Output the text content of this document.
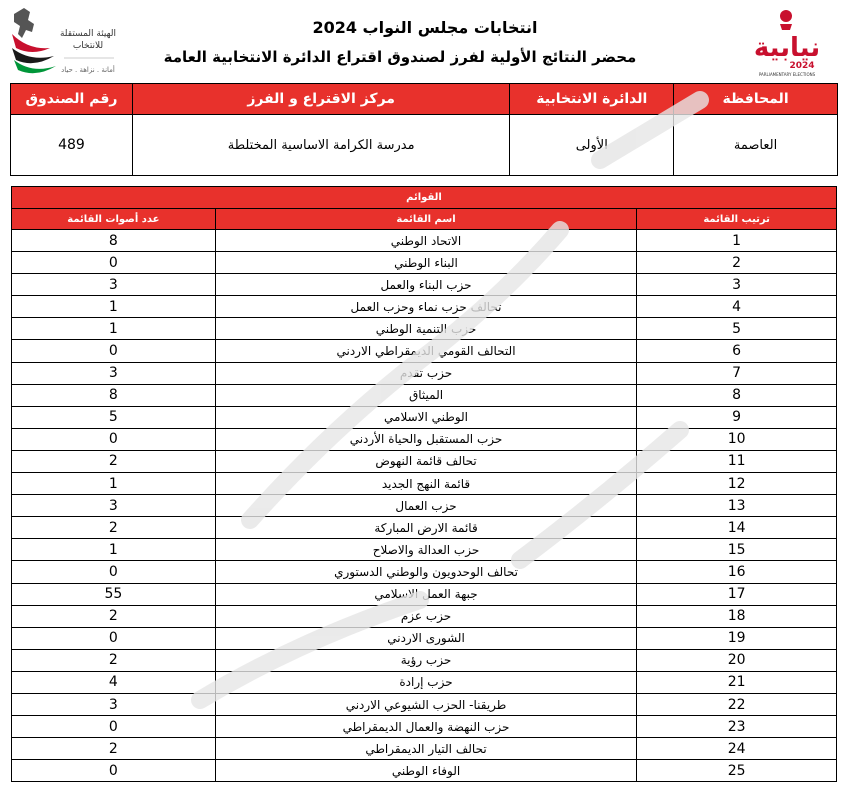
انتخابات مجلس النواب 2024
محضر النتائج الأولية لفرز لصندوق اقتراع الدائرة الانتخابية العامة	نيابية
2024
PARLIAMENTARY ELECTIONS
الهيئة المستقلة
للانتخاب
أمانة . نزاهة . حياد
المحافظة	الدائرة الانتخابية	مركز الاقتراع و الفرز	رقم الصندوق
العاصمة	الأولى	مدرسة الكرامة الاساسية المختلطة	489
القوائم		
ترتيب القائمة	اسم القائمة	عدد أصوات القائمة
1	الاتحاد الوطني	8
2	البناء الوطني	0
3	حزب البناء والعمل	3
4	تحالف حزب نماء وحزب العمل	1
5	حزب التنمية الوطني	1
6	التحالف القومي الديمقراطي الاردني	0
7	حزب تقدم	3
8	الميثاق	8
9	الوطني الاسلامي	5
10	حزب المستقبل والحياة الأردني	0
11	تحالف قائمة النهوض	2
12	قائمة النهج الجديد	1
13	حزب العمال	3
14	قائمة الارض المباركة	2
15	حزب العدالة والاصلاح	1
16	تحالف الوحدويون والوطني الدستوري	0
17	جبهة العمل الاسلامي	55
18	حزب عزم	2
19	الشورى الاردني	0
20	حزب رؤية	2
21	حزب إرادة	4
22	طريقنا- الحزب الشيوعي الاردني	3
23	حزب النهضة والعمال الديمقراطي	0
24	تحالف التيار الديمقراطي	2
25	الوفاء الوطني	0
